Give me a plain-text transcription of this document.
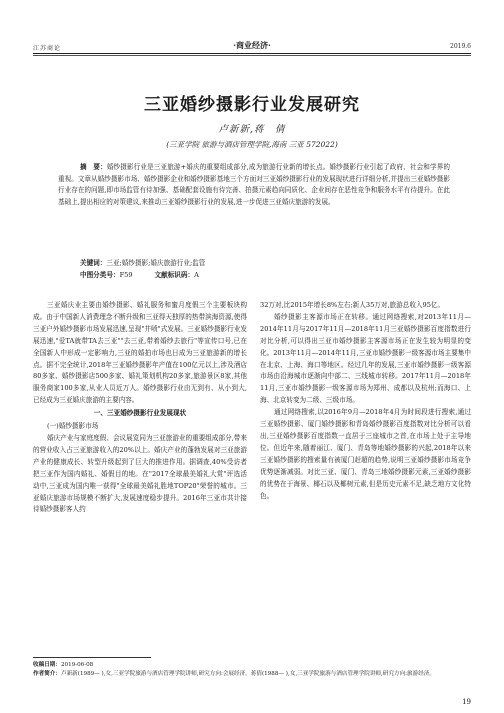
江苏商论	·商业经济·	2019.6
三亚婚纱摄影行业发展研究
卢新新,蒋　倩
(三亚学院 旅游与酒店管理学院,海南 三亚 572022)
摘　要：婚纱摄影行业是三亚旅游+婚庆的重要组成部分,成为旅游行业新的增长点。婚纱摄影行业引起了政府、社会和学界的重视。文章从婚纱摄影市场、婚纱摄影企业和婚纱摄影基地三个方面对三亚婚纱摄影行业的发展现状进行详细分析,并提出三亚婚纱摄影行业存在的问题,即市场监管有待加强、基础配套设施有待完善、拍摄元素趋向同质化、企业间存在恶性竞争和服务水平有待提升。在此基础上,提出相应的对策建议,来推动三亚婚纱摄影行业的发展,进一步促进三亚婚庆旅游的发展。
关键词：三亚;婚纱摄影;婚庆旅游行业;监管
中图分类号：F59	文献标识码：A

三亚婚庆业主要由婚纱摄影、婚礼服务和蜜月度假三个主要板块构成。由于中国新人消费理念不断升级和三亚得天独厚的热带滨海资源,使得三亚户外婚纱摄影市场发展迅速,呈现"井喷"式发展。三亚婚纱摄影行业发展迅速,"爱TA就带TA去三亚""去三亚,带着婚纱去旅行"等宣传口号,已在全国新人中形成一定影响力,三亚的婚拍市场也日成为三亚旅游新的增长点。据不完全统计,2018年三亚婚纱摄影年产值在100亿元以上,涉及酒店80多家、婚纱摄影店500多家、婚礼策划机构20多家,旅游景区8家,其他服务商家100多家,从业人员近万人。婚纱摄影行业由无到有、从小到大,已经成为三亚婚庆旅游的主要内容。

一、三亚婚纱摄影行业发展现状
(一)婚纱摄影市场

婚庆产业与家庭度假、会议展览同为三亚旅游业的重要组成部分,带来的营业收入占三亚旅游收入的20%以上。婚庆产业的蓬勃发展对三亚旅游产业的健康成长、转型升级起到了巨大的推进作用。据调查,40%受访者把三亚作为国内婚礼、婚假目的地。在"2017全球最美婚礼大赏"评选活动中,三亚成为国内唯一获得"全球最美婚礼胜地TOP20"荣誉的城市。三亚婚庆旅游市场规模不断扩大,发展速度稳步提升。2016年三亚市共计接待婚纱摄影客人约

32万对,比2015年增长8%左右;新人35万对,旅游总收入95亿。

婚纱摄影主客源市场正在转移。通过网络搜索,对2013年11月—2014年11月与2017年11月—2018年11月三亚婚纱摄影百度指数进行对比分析,可以得出三亚市婚纱摄影主客源市场正在发生较为明显的变化。2013年11月—2014年11月,三亚市婚纱摄影一级客源市场主要集中在北京、上海、海口等地区。经过几年的发展,三亚市婚纱摄影一级客源市场由沿海城市逐渐向中部二、三线城市转移。2017年11月—2018年11月,三亚市婚纱摄影一级客源市场为郑州、成都以及杭州;而海口、上海、北京转变为二级、三级市场。

通过网络搜索,以2016年9月—2018年4月为时间段进行搜索,通过三亚婚纱摄影、厦门婚纱摄影和青岛婚纱摄影百度指数对比分析可以看出,三亚婚纱摄影百度指数一直居于三座城市之首,在市场上处于主导地位。但近年来,随着丽江、厦门、青岛等地婚纱摄影的兴起,2018年以来三亚婚纱摄影的搜索量有被厦门赶超的趋势,说明三亚婚纱摄影市场竞争优势逐渐减弱。对比三亚、厦门、青岛三地婚纱摄影元素,三亚婚纱摄影的优势在于海景、椰石以及椰树元素,但是历史元素不足,缺乏地方文化特色。

收稿日期：2019-06-08
作者简介：卢新新(1989— ),女,三亚学院旅游与酒店管理学院讲师,研究方向:会展经济。蒋倩(1988— ),女,三亚学院旅游与酒店管理学院讲师,研究方向:旅游经济。
19
